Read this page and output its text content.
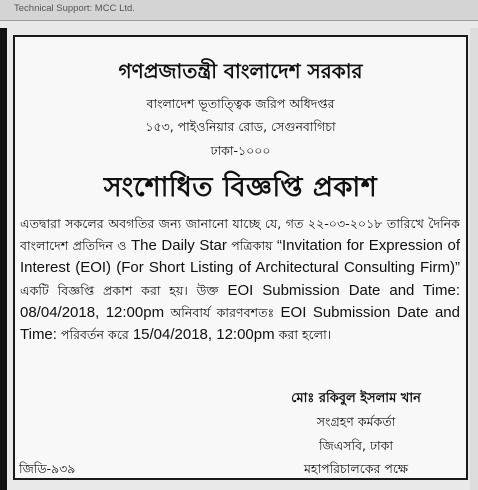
Technical Support: MCC Ltd.
গণপ্রজাতন্ত্রী বাংলাদেশ সরকার
বাংলাদেশ ভূতাত্ত্বিক জরিপ অধিদপ্তর
১৫৩, পাইওনিয়ার রোড, সেগুনবাগিচা
ঢাকা-১০০০
সংশোধিত বিজ্ঞপ্তি প্রকাশ
এতদ্বারা সকলের অবগতির জন্য জানানো যাচ্ছে যে, গত ২২-০৩-২০১৮ তারিখে দৈনিক বাংলাদেশ প্রতিদিন ও The Daily Star পত্রিকায় “Invitation for Expression of Interest (EOI) (For Short Listing of Architectural Consulting Firm)” একটি বিজ্ঞপ্তি প্রকাশ করা হয়। উক্ত EOI Submission Date and Time: 08/04/2018, 12:00pm অনিবার্য কারণবশতঃ EOI Submission Date and Time: পরিবর্তন করে 15/04/2018, 12:00pm করা হলো।
মোঃ রকিবুল ইসলাম খান
সংগ্রহণ কর্মকর্তা
জিএসবি, ঢাকা
মহাপরিচালকের পক্ষে
জিডি-৯৩৯
